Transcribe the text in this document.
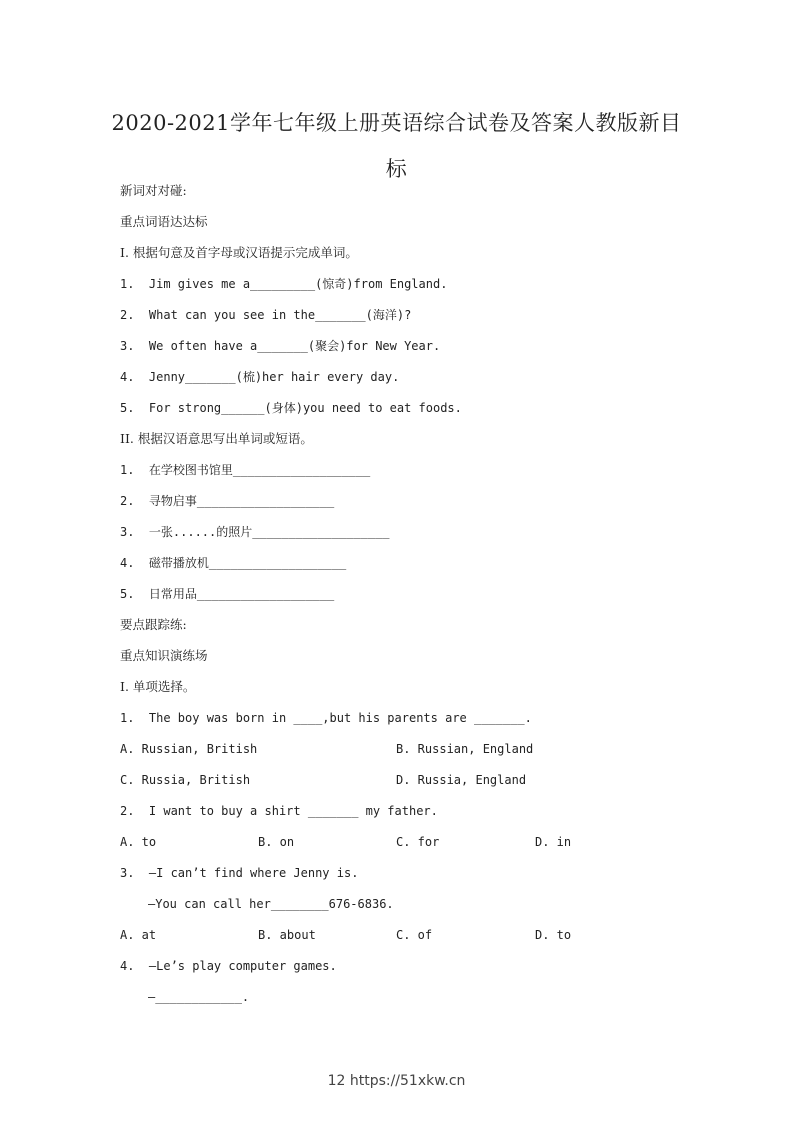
2020-2021学年七年级上册英语综合试卷及答案人教版新目
标
新词对对碰:
重点词语达达标
I. 根据句意及首字母或汉语提示完成单词。
1.  Jim gives me a_________(惊奇)from England.
2.  What can you see in the_______(海洋)?
3.  We often have a_______(聚会)for New Year.
4.  Jenny_______(梳)her hair every day.
5.  For strong______(身体)you need to eat foods.
II. 根据汉语意思写出单词或短语。
1.  在学校图书馆里___________________
2.  寻物启事___________________
3.  一张......的照片___________________
4.  磁带播放机___________________
5.  日常用品___________________
要点跟踪练:
重点知识演练场
I. 单项选择。
1.  The boy was born in ____,but his parents are _______.
A. Russian, British	B. Russian, England
C. Russia, British	D. Russia, England
2.  I want to buy a shirt _______ my father.
A. to	B. on	C. for	D. in
3.  —I can’t find where Jenny is.
—You can call her________676-6836.
A. at	B. about	C. of	D. to
4.  —Le’s play computer games.
—____________.
12 https://51xkw.cn
